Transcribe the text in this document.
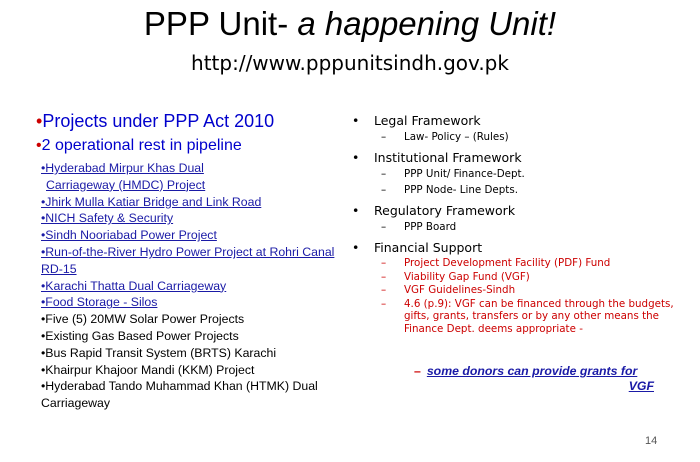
PPP Unit- a happening Unit!
http://www.pppunitsindh.gov.pk
•Projects under PPP Act 2010
•2 operational rest in pipeline
•Hyderabad Mirpur Khas Dual
Carriageway (HMDC) Project
•Jhirk Mulla Katiar Bridge and Link Road
•NICH Safety & Security
•Sindh Nooriabad Power Project
•Run-of-the-River Hydro Power Project at Rohri Canal RD-15
•Karachi Thatta Dual Carriageway
•Food Storage - Silos
•Five (5) 20MW Solar Power Projects
•Existing Gas Based Power Projects
•Bus Rapid Transit System (BRTS) Karachi
•Khairpur Khajoor Mandi (KKM) Project
•Hyderabad Tando Muhammad Khan (HTMK) Dual Carriageway
• Legal Framework
– Law- Policy – (Rules)
• Institutional Framework
– PPP Unit/ Finance-Dept.
– PPP Node- Line Depts.
• Regulatory Framework
– PPP Board
• Financial Support
– Project Development Facility (PDF) Fund
– Viability Gap Fund (VGF)
– VGF Guidelines-Sindh
– 4.6 (p.9): VGF can be financed through the budgets, gifts, grants, transfers or by any other means the Finance Dept. deems appropriate -
– some donors can provide grants for
VGF
14
